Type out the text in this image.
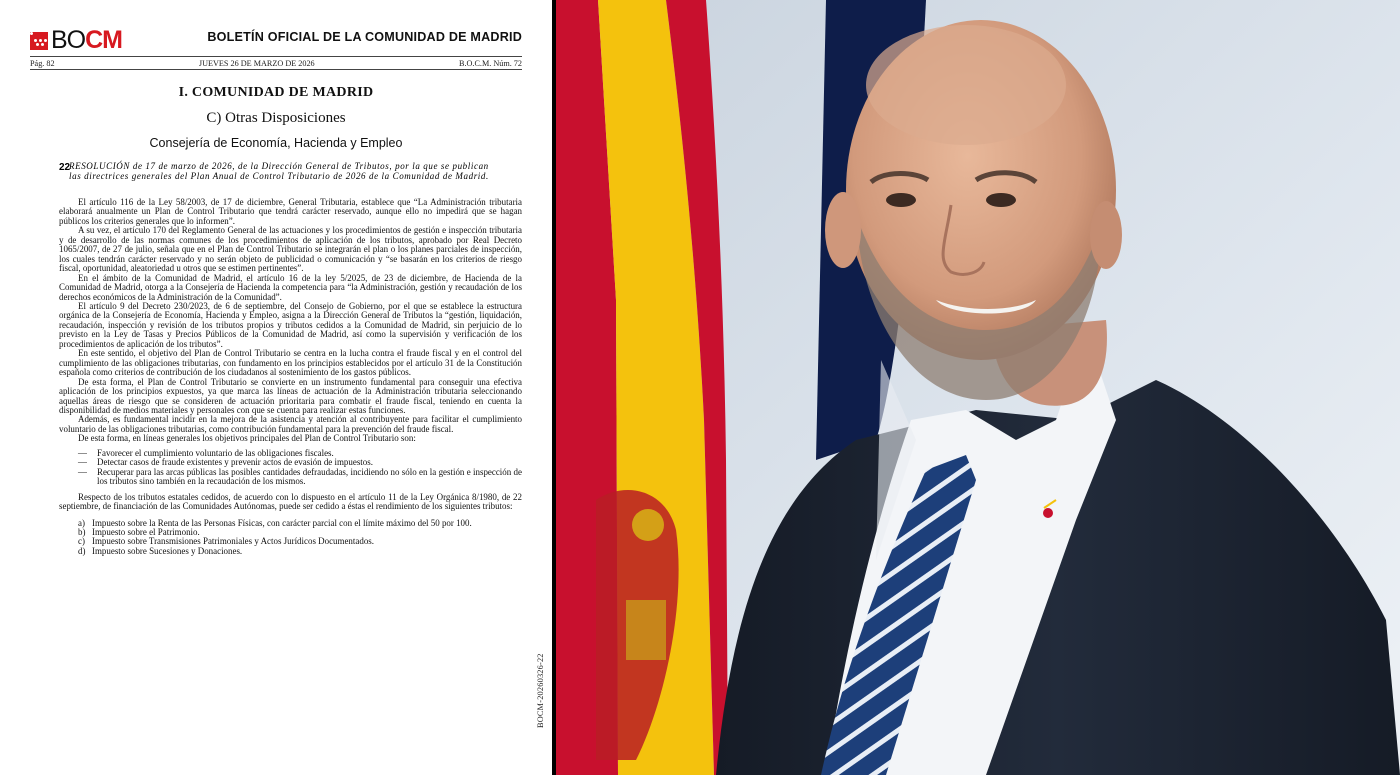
BO CM	BOLETÍN OFICIAL DE LA COMUNIDAD DE MADRID
Pág. 82	JUEVES 26 DE MARZO DE 2026	B.O.C.M. Núm. 72
I. COMUNIDAD DE MADRID
C) Otras Disposiciones
Consejería de Economía, Hacienda y Empleo
22
RESOLUCIÓN de 17 de marzo de 2026, de la Dirección General de Tributos, por la que se publican las directrices generales del Plan Anual de Control Tributario de 2026 de la Comunidad de Madrid.

El artículo 116 de la Ley 58/2003, de 17 de diciembre, General Tributaria, establece que “La Administración tributaria elaborará anualmente un Plan de Control Tributario que tendrá carácter reservado, aunque ello no impedirá que se hagan públicos los criterios generales que lo informen”.

A su vez, el artículo 170 del Reglamento General de las actuaciones y los procedimientos de gestión e inspección tributaria y de desarrollo de las normas comunes de los procedimientos de aplicación de los tributos, aprobado por Real Decreto 1065/2007, de 27 de julio, señala que en el Plan de Control Tributario se integrarán el plan o los planes parciales de inspección, los cuales tendrán carácter reservado y no serán objeto de publicidad o comunicación y “se basarán en los criterios de riesgo fiscal, oportunidad, aleatoriedad u otros que se estimen pertinentes”.

En el ámbito de la Comunidad de Madrid, el artículo 16 de la ley 5/2025, de 23 de diciembre, de Hacienda de la Comunidad de Madrid, otorga a la Consejería de Hacienda la competencia para “la Administración, gestión y recaudación de los derechos económicos de la Administración de la Comunidad”.

El artículo 9 del Decreto 230/2023, de 6 de septiembre, del Consejo de Gobierno, por el que se establece la estructura orgánica de la Consejería de Economía, Hacienda y Empleo, asigna a la Dirección General de Tributos la “gestión, liquidación, recaudación, inspección y revisión de los tributos propios y tributos cedidos a la Comunidad de Madrid, sin perjuicio de lo previsto en la Ley de Tasas y Precios Públicos de la Comunidad de Madrid, así como la supervisión y verificación de los procedimientos de aplicación de los tributos”.

En este sentido, el objetivo del Plan de Control Tributario se centra en la lucha contra el fraude fiscal y en el control del cumplimiento de las obligaciones tributarias, con fundamento en los principios establecidos por el artículo 31 de la Constitución española como criterios de contribución de los ciudadanos al sostenimiento de los gastos públicos.

De esta forma, el Plan de Control Tributario se convierte en un instrumento fundamental para conseguir una efectiva aplicación de los principios expuestos, ya que marca las líneas de actuación de la Administración tributaria seleccionando aquellas áreas de riesgo que se consideren de actuación prioritaria para combatir el fraude fiscal, teniendo en cuenta la disponibilidad de medios materiales y personales con que se cuenta para realizar estas funciones.

Además, es fundamental incidir en la mejora de la asistencia y atención al contribuyente para facilitar el cumplimiento voluntario de las obligaciones tributarias, como contribución fundamental para la prevención del fraude fiscal.

De esta forma, en líneas generales los objetivos principales del Plan de Control Tributario son:

— Favorecer el cumplimiento voluntario de las obligaciones fiscales.
— Detectar casos de fraude existentes y prevenir actos de evasión de impuestos.
— Recuperar para las arcas públicas las posibles cantidades defraudadas, incidiendo no sólo en la gestión e inspección de los tributos sino también en la recaudación de los mismos.

Respecto de los tributos estatales cedidos, de acuerdo con lo dispuesto en el artículo 11 de la Ley Orgánica 8/1980, de 22 septiembre, de financiación de las Comunidades Autónomas, puede ser cedido a éstas el rendimiento de los siguientes tributos:

a) Impuesto sobre la Renta de las Personas Físicas, con carácter parcial con el límite máximo del 50 por 100.
b) Impuesto sobre el Patrimonio.
c) Impuesto sobre Transmisiones Patrimoniales y Actos Jurídicos Documentados.
d) Impuesto sobre Sucesiones y Donaciones.
BOCM-20260326-22
